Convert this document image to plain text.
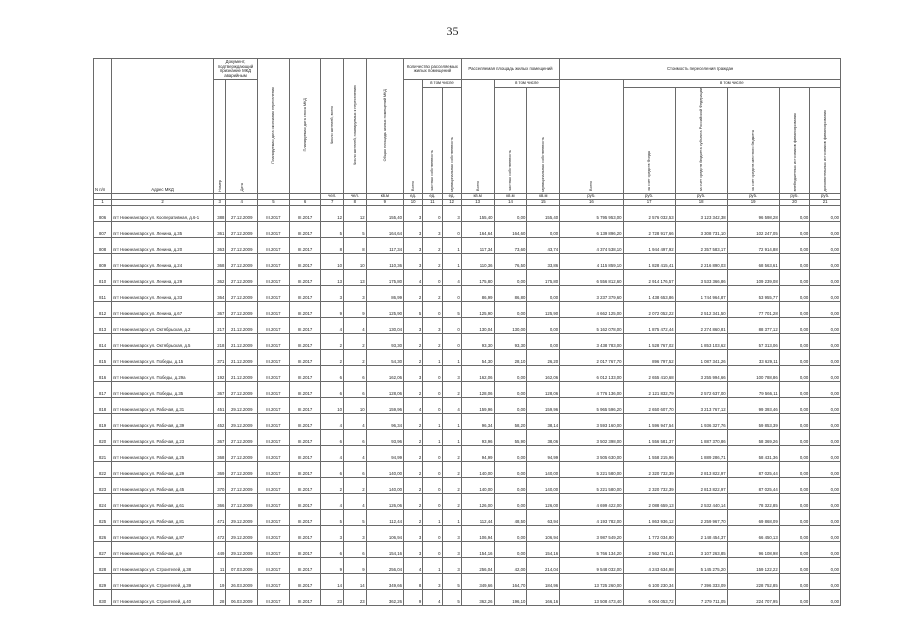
35
N п/п	Адрес МКД	Документ, подтверждающий признание МКД аварийным		Планируемая дата окончания переселения	Планируемая дата сноса МКД	Число жителей, всего	Число жителей, планируемых к переселению	Общая площадь жилых помещений МКД	Количество расселяемых жилых помещений			Расселяемая площадь жилых помещений			Стоимость переселения граждан					
		Номер	Дата						Всего	в том числе		Всего	в том числе		Всего	в том числе				
										частная собственность	муниципальная собственность		частная собственность	муниципальная собственность		за счет средств Фонда	за счет средств бюджета субъекта Российской Федерации	за счет средств местного бюджета	внебюджетных источников финансирования	дополнительных источников финансирования
						чел.	чел.	кв.м	ед.	ед.	ед.	кв.м	кв.м	кв.м	руб.	руб.	руб.	руб.	руб.	руб.
1	2	3	4	5	6	7	8	9	10	11	12	13	14	15	16	17	18	19	20	21
806	пгт Нижнеангарск ул. Кооперативная, д.6-1	388	27.12.2009	III.2017	III.2017	12	12	155,40	3	0	3	155,40	0,00	155,40	5 795 953,00	2 576 032,53	3 123 342,38	96 598,28	0,00	0,00
807	пгт Нижнеангарск ул. Ленина, д.35	361	27.12.2009	III.2017	III.2017	5	5	164,64	3	3	0	164,64	164,60	0,00	6 139 896,20	2 728 917,66	3 308 731,10	102 247,05	0,00	0,00
808	пгт Нижнеангарск ул. Ленина, д.20	363	27.12.2009	III.2017	III.2017	8	8	117,34	3	2	1	117,34	73,60	43,74	4 374 538,10	1 944 497,92	2 357 583,17	72 914,88	0,00	0,00
809	пгт Нижнеангарск ул. Ленина, д.24	368	27.12.2009	III.2017	III.2017	10	10	110,36	3	2	1	110,36	76,50	33,86	4 115 859,10	1 828 415,41	2 216 890,03	68 563,61	0,00	0,00
810	пгт Нижнеангарск ул. Ленина, д.29	362	27.12.2009	III.2017	III.2017	13	13	175,80	4	0	4	175,80	0,00	175,80	6 556 812,60	2 914 176,57	3 533 366,86	109 239,08	0,00	0,00
811	пгт Нижнеангарск ул. Ленина, д.33	364	27.12.2009	III.2017	III.2017	3	3	86,99	2	2	0	86,99	86,80	0,00	3 237 379,60	1 438 653,86	1 744 964,87	53 955,77	0,00	0,00
812	пгт Нижнеангарск ул. Ленина, д.67	367	27.12.2009	III.2017	III.2017	9	9	125,90	5	0	5	125,90	0,00	125,90	4 662 125,00	2 072 052,22	2 512 341,50	77 701,28	0,00	0,00
813	пгт Нижнеангарск ул. Октябрьская, д.2	217	21.12.2009	III.2017	III.2017	4	4	130,04	3	3	0	130,04	130,00	0,00	5 162 078,00	1 875 472,44	2 274 860,81	88 377,12	0,00	0,00
814	пгт Нижнеангарск ул. Октябрьская, д.5	218	21.12.2009	III.2017	III.2017	2	2	93,30	2	2	0	93,30	93,30	0,00	3 438 783,00	1 528 767,02	1 853 103,62	57 313,06	0,00	0,00
815	пгт Нижнеангарск ул. Победы, д.15	371	21.12.2009	III.2017	III.2017	2	2	54,30	2	1	1	54,30	28,10	26,20	2 017 767,70	896 797,52	1 087 341,26	33 629,11	0,00	0,00
816	пгт Нижнеангарск ул. Победы, д.29а	192	21.12.2009	III.2017	III.2017	6	6	162,06	3	0	3	162,06	0,00	162,06	6 012 133,00	2 655 410,68	3 255 994,66	100 788,86	0,00	0,00
817	пгт Нижнеангарск ул. Победы, д.35	367	27.12.2009	III.2017	III.2017	6	6	128,06	2	0	2	128,06	0,00	128,06	4 776 136,00	2 121 832,79	2 572 637,00	79 566,11	0,00	0,00
818	пгт Нижнеангарск ул. Рабочая, д.31	451	29.12.2009	III.2017	III.2017	10	10	159,96	4	0	4	159,96	0,00	159,96	5 965 596,20	2 650 607,70	3 213 767,12	99 393,46	0,00	0,00
819	пгт Нижнеангарск ул. Рабочая, д.39	452	29.12.2009	III.2017	III.2017	4	4	96,34	2	1	1	96,34	58,20	38,14	3 593 160,00	1 596 947,54	1 936 327,76	59 853,39	0,00	0,00
820	пгт Нижнеангарск ул. Рабочая, д.23	367	27.12.2009	III.2017	III.2017	6	6	93,96	2	1	1	93,96	55,90	38,06	3 502 398,00	1 556 581,37	1 887 370,86	58 369,26	0,00	0,00
821	пгт Нижнеангарск ул. Рабочая, д.25	368	27.12.2009	III.2017	III.2017	4	4	94,99	2	0	2	94,99	0,00	94,99	3 505 630,00	1 558 215,96	1 889 286,71	58 431,36	0,00	0,00
822	пгт Нижнеангарск ул. Рабочая, д.29	369	27.12.2009	III.2017	III.2017	6	6	140,00	2	0	2	140,00	0,00	140,00	5 221 580,00	2 320 732,39	2 813 822,97	87 025,44	0,00	0,00
823	пгт Нижнеангарск ул. Рабочая, д.45	370	27.12.2009	III.2017	III.2017	2	2	140,00	2	0	2	140,00	0,00	140,00	5 221 580,00	2 320 732,39	2 813 822,97	87 025,44	0,00	0,00
824	пгт Нижнеангарск ул. Рабочая, д.61	366	27.12.2009	III.2017	III.2017	4	4	126,06	2	0	2	126,00	0,00	126,00	4 699 422,00	2 088 659,13	2 532 440,14	78 322,85	0,00	0,00
825	пгт Нижнеангарск ул. Рабочая, д.81	471	29.12.2009	III.2017	III.2017	5	5	112,44	2	1	1	112,44	48,50	63,94	4 193 782,00	1 863 936,12	2 259 967,70	69 868,09	0,00	0,00
826	пгт Нижнеангарск ул. Рабочая, д.87	472	29.12.2009	III.2017	III.2017	3	3	106,94	3	0	3	106,94	0,00	106,94	3 987 549,20	1 772 034,80	2 148 454,37	66 450,13	0,00	0,00
827	пгт Нижнеангарск ул. Рабочая, д.9	449	29.12.2009	III.2017	III.2017	6	6	154,16	3	0	3	154,16	0,00	154,16	5 766 134,20	2 562 761,41	3 107 263,85	96 108,98	0,00	0,00
828	пгт Нижнеангарск ул. Строителей, д.38	11	07.03.2009	III.2017	III.2017	9	9	256,04	4	1	3	256,04	42,00	214,04	9 548 032,00	4 243 634,98	5 145 275,20	159 122,22	0,00	0,00
829	пгт Нижнеангарск ул. Строителей, д.39	19	26.03.2009	III.2017	III.2017	14	14	349,66	8	3	5	349,66	164,70	184,96	13 725 260,00	6 100 230,34	7 396 333,09	228 752,85	0,00	0,00
830	пгт Нижнеангарск ул. Строителей, д.40	28	06.03.2009	III.2017	III.2017	23	23	362,26	9	4	5	362,26	196,10	166,16	13 508 473,40	6 004 053,72	7 279 711,05	224 707,95	0,00	0,00
